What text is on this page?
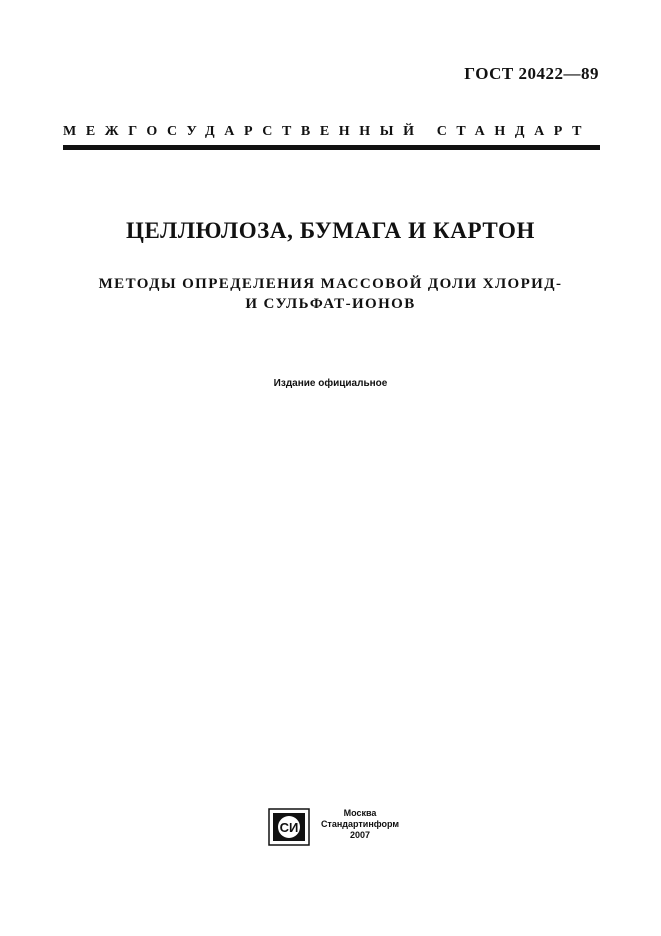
ГОСТ 20422—89
МЕЖГОСУДАРСТВЕННЫЙ СТАНДАРТ
ЦЕЛЛЮЛОЗА, БУМАГА И КАРТОН
МЕТОДЫ ОПРЕДЕЛЕНИЯ МАССОВОЙ ДОЛИ ХЛОРИД-
И СУЛЬФАТ-ИОНОВ
Издание официальное
СИ
Москва
Стандартинформ
2007
